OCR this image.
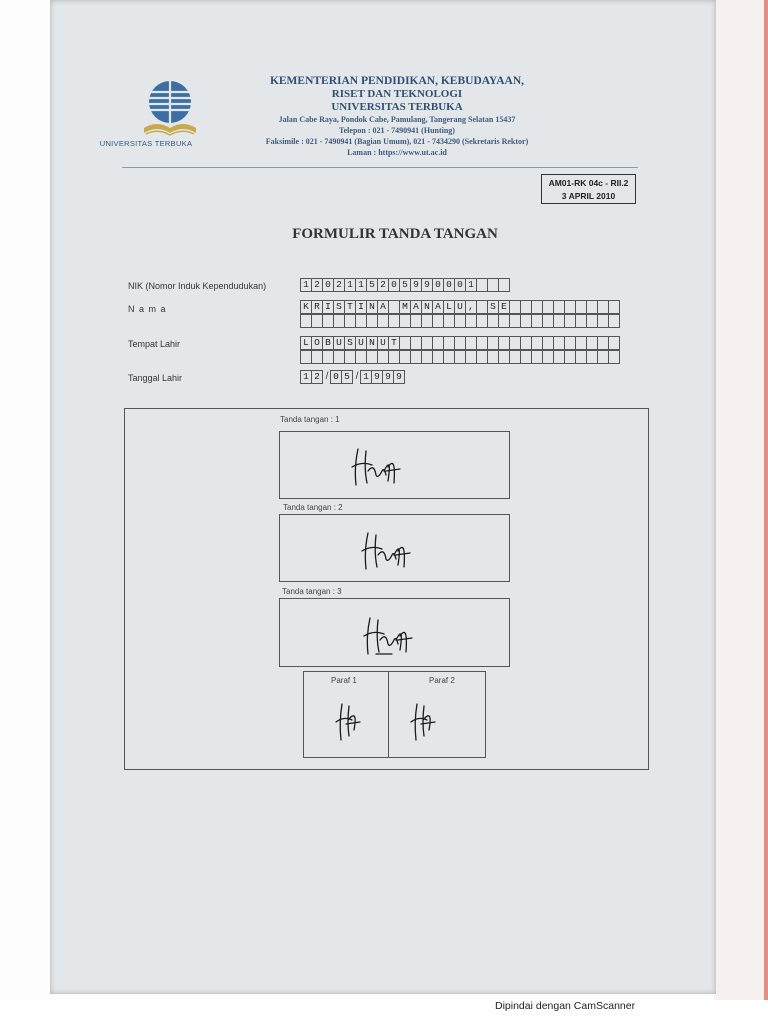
UNIVERSITAS TERBUKA
KEMENTERIAN PENDIDIKAN, KEBUDAYAAN,
RISET DAN TEKNOLOGI
UNIVERSITAS TERBUKA
Jalan Cabe Raya, Pondok Cabe, Pamulang, Tangerang Selatan 15437
Telepon : 021 - 7490941 (Hunting)
Faksimile : 021 - 7490941 (Bagian Umum), 021 - 7434290 (Sekretaris Rektor)
Laman : https://www.ut.ac.id
AM01-RK 04c - RII.2
3 APRIL 2010
FORMULIR TANDA TANGAN
NIK (Nomor Induk Kependudukan)	1 2 0 2 1 1 5 2 0 5 9 9 0 0 0 1
N a m a	K R I S T I N A	M A N A L U ,	S E
Tempat Lahir	L O B U S U N U T
Tanggal Lahir	1 2 / 0 5 / 1 9 9 9
Tanda tangan : 1
Tanda tangan : 2
Tanda tangan : 3
Paraf 1	Paraf 2
Dipindai dengan CamScanner
